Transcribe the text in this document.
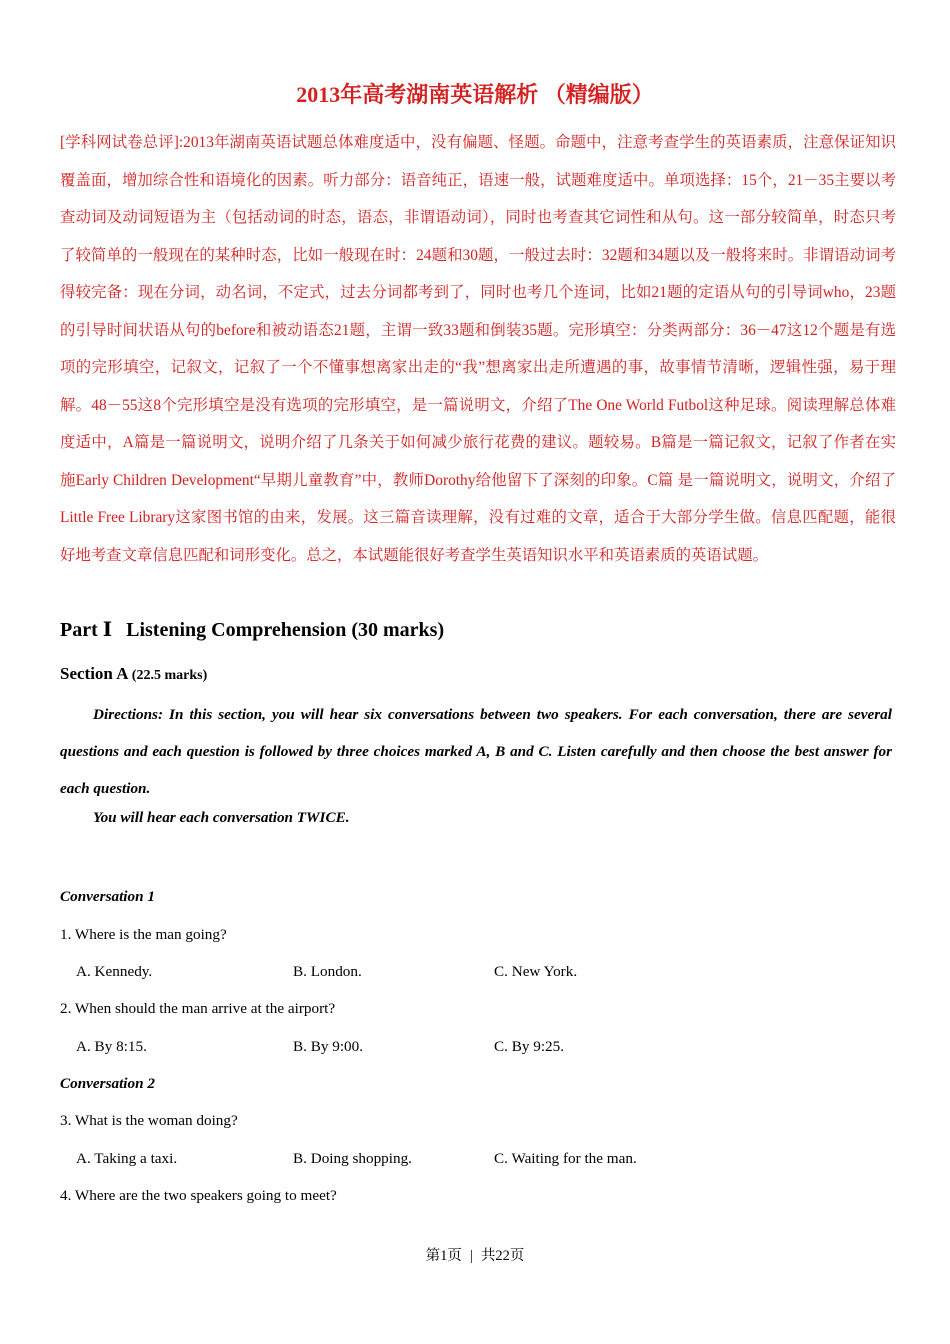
2013年高考湖南英语解析 （精编版）

[学科网试卷总评]:2013年湖南英语试题总体难度适中，没有偏题、怪题。命题中，注意考查学生的英语素质，注意保证知识覆盖面，增加综合性和语境化的因素。听力部分：语音纯正，语速一般，试题难度适中。单项选择：15个，21－35主要以考查动词及动词短语为主（包括动词的时态，语态，非谓语动词），同时也考查其它词性和从句。这一部分较简单，时态只考了较简单的一般现在的某种时态，比如一般现在时：24题和30题，一般过去时：32题和34题以及一般将来时。非谓语动词考得较完备：现在分词，动名词，不定式，过去分词都考到了，同时也考几个连词，比如21题的定语从句的引导词who，23题的引导时间状语从句的before和被动语态21题，主谓一致33题和倒装35题。完形填空：分类两部分：36－47这12个题是有选项的完形填空，记叙文，记叙了一个不懂事想离家出走的“我”想离家出走所遭遇的事，故事情节清晰，逻辑性强，易于理解。48－55这8个完形填空是没有选项的完形填空，是一篇说明文，介绍了The One World Futbol这种足球。阅读理解总体难度适中，A篇是一篇说明文，说明介绍了几条关于如何减少旅行花费的建议。题较易。B篇是一篇记叙文，记叙了作者在实施Early Children Development“早期儿童教育”中，教师Dorothy给他留下了深刻的印象。C篇 是一篇说明文，说明文，介绍了Little Free Library这家图书馆的由来，发展。这三篇音读理解，没有过难的文章，适合于大部分学生做。信息匹配题，能很好地考查文章信息匹配和词形变化。总之，本试题能很好考查学生英语知识水平和英语素质的英语试题。

Part Ⅰ Listening Comprehension (30 marks)
Section A (22.5 marks)

Directions: In this section, you will hear six conversations between two speakers. For each conversation, there are several questions and each question is followed by three choices marked A, B and C. Listen carefully and then choose the best answer for each question.

You will hear each conversation TWICE.
Conversation 1
1. Where is the man going?
A. Kennedy.	B. London.	C. New York.
2. When should the man arrive at the airport?
A. By 8:15.	B. By 9:00.	C. By 9:25.
Conversation 2
3. What is the woman doing?
A. Taking a taxi.	B. Doing shopping.	C. Waiting for the man.
4. Where are the two speakers going to meet?
第1页 | 共22页
